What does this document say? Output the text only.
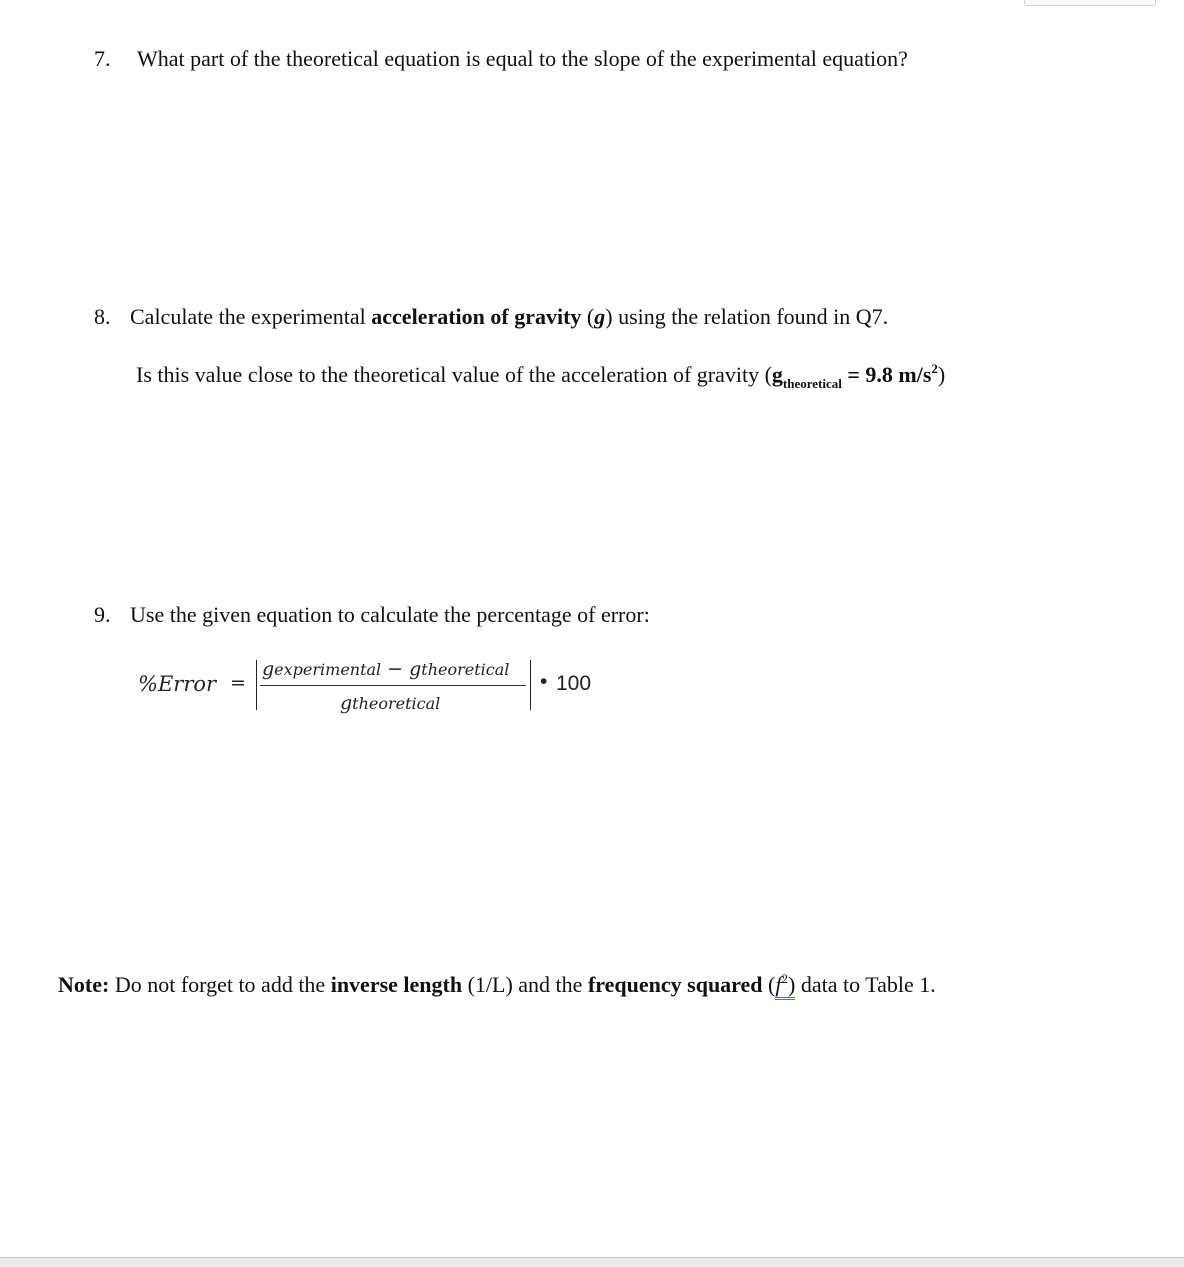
7. What part of the theoretical equation is equal to the slope of the experimental equation?
8. Calculate the experimental acceleration of gravity (g) using the relation found in Q7.
Is this value close to the theoretical value of the acceleration of gravity ($g_{theoretical} = 9.8$ $m/s^2$)
9. Use the given equation to calculate the percentage of error:
%Error =
gexperimental − gtheoretical
gtheoretical
• 100
Note: Do not forget to add the inverse length (1/L) and the frequency squared $(f^2)$ data to Table 1.
